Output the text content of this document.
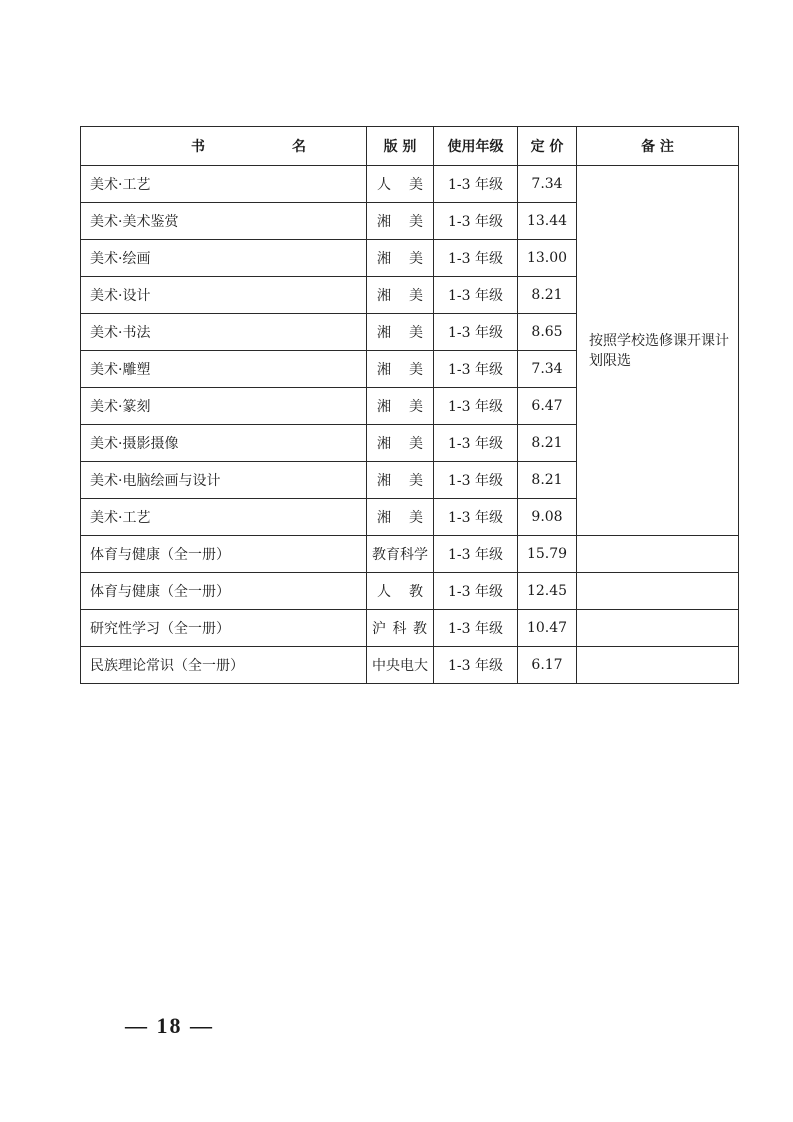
书 名	版 别	使用年级	定 价	备 注
美术·工艺	人 美	1-3 年级	7.34	按照学校选修课开课计划限选
美术·美术鉴赏	湘 美	1-3 年级	13.44	
美术·绘画	湘 美	1-3 年级	13.00	
美术·设计	湘 美	1-3 年级	8.21	
美术·书法	湘 美	1-3 年级	8.65	
美术·雕塑	湘 美	1-3 年级	7.34	
美术·篆刻	湘 美	1-3 年级	6.47	
美术·摄影摄像	湘 美	1-3 年级	8.21	
美术·电脑绘画与设计	湘 美	1-3 年级	8.21	
美术·工艺	湘 美	1-3 年级	9.08	
体育与健康（全一册）	教育科学	1-3 年级	15.79	
体育与健康（全一册）	人 教	1-3 年级	12.45	
研究性学习（全一册）	沪 科 教	1-3 年级	10.47	
民族理论常识（全一册）	中央电大	1-3 年级	6.17	
— 18 —
